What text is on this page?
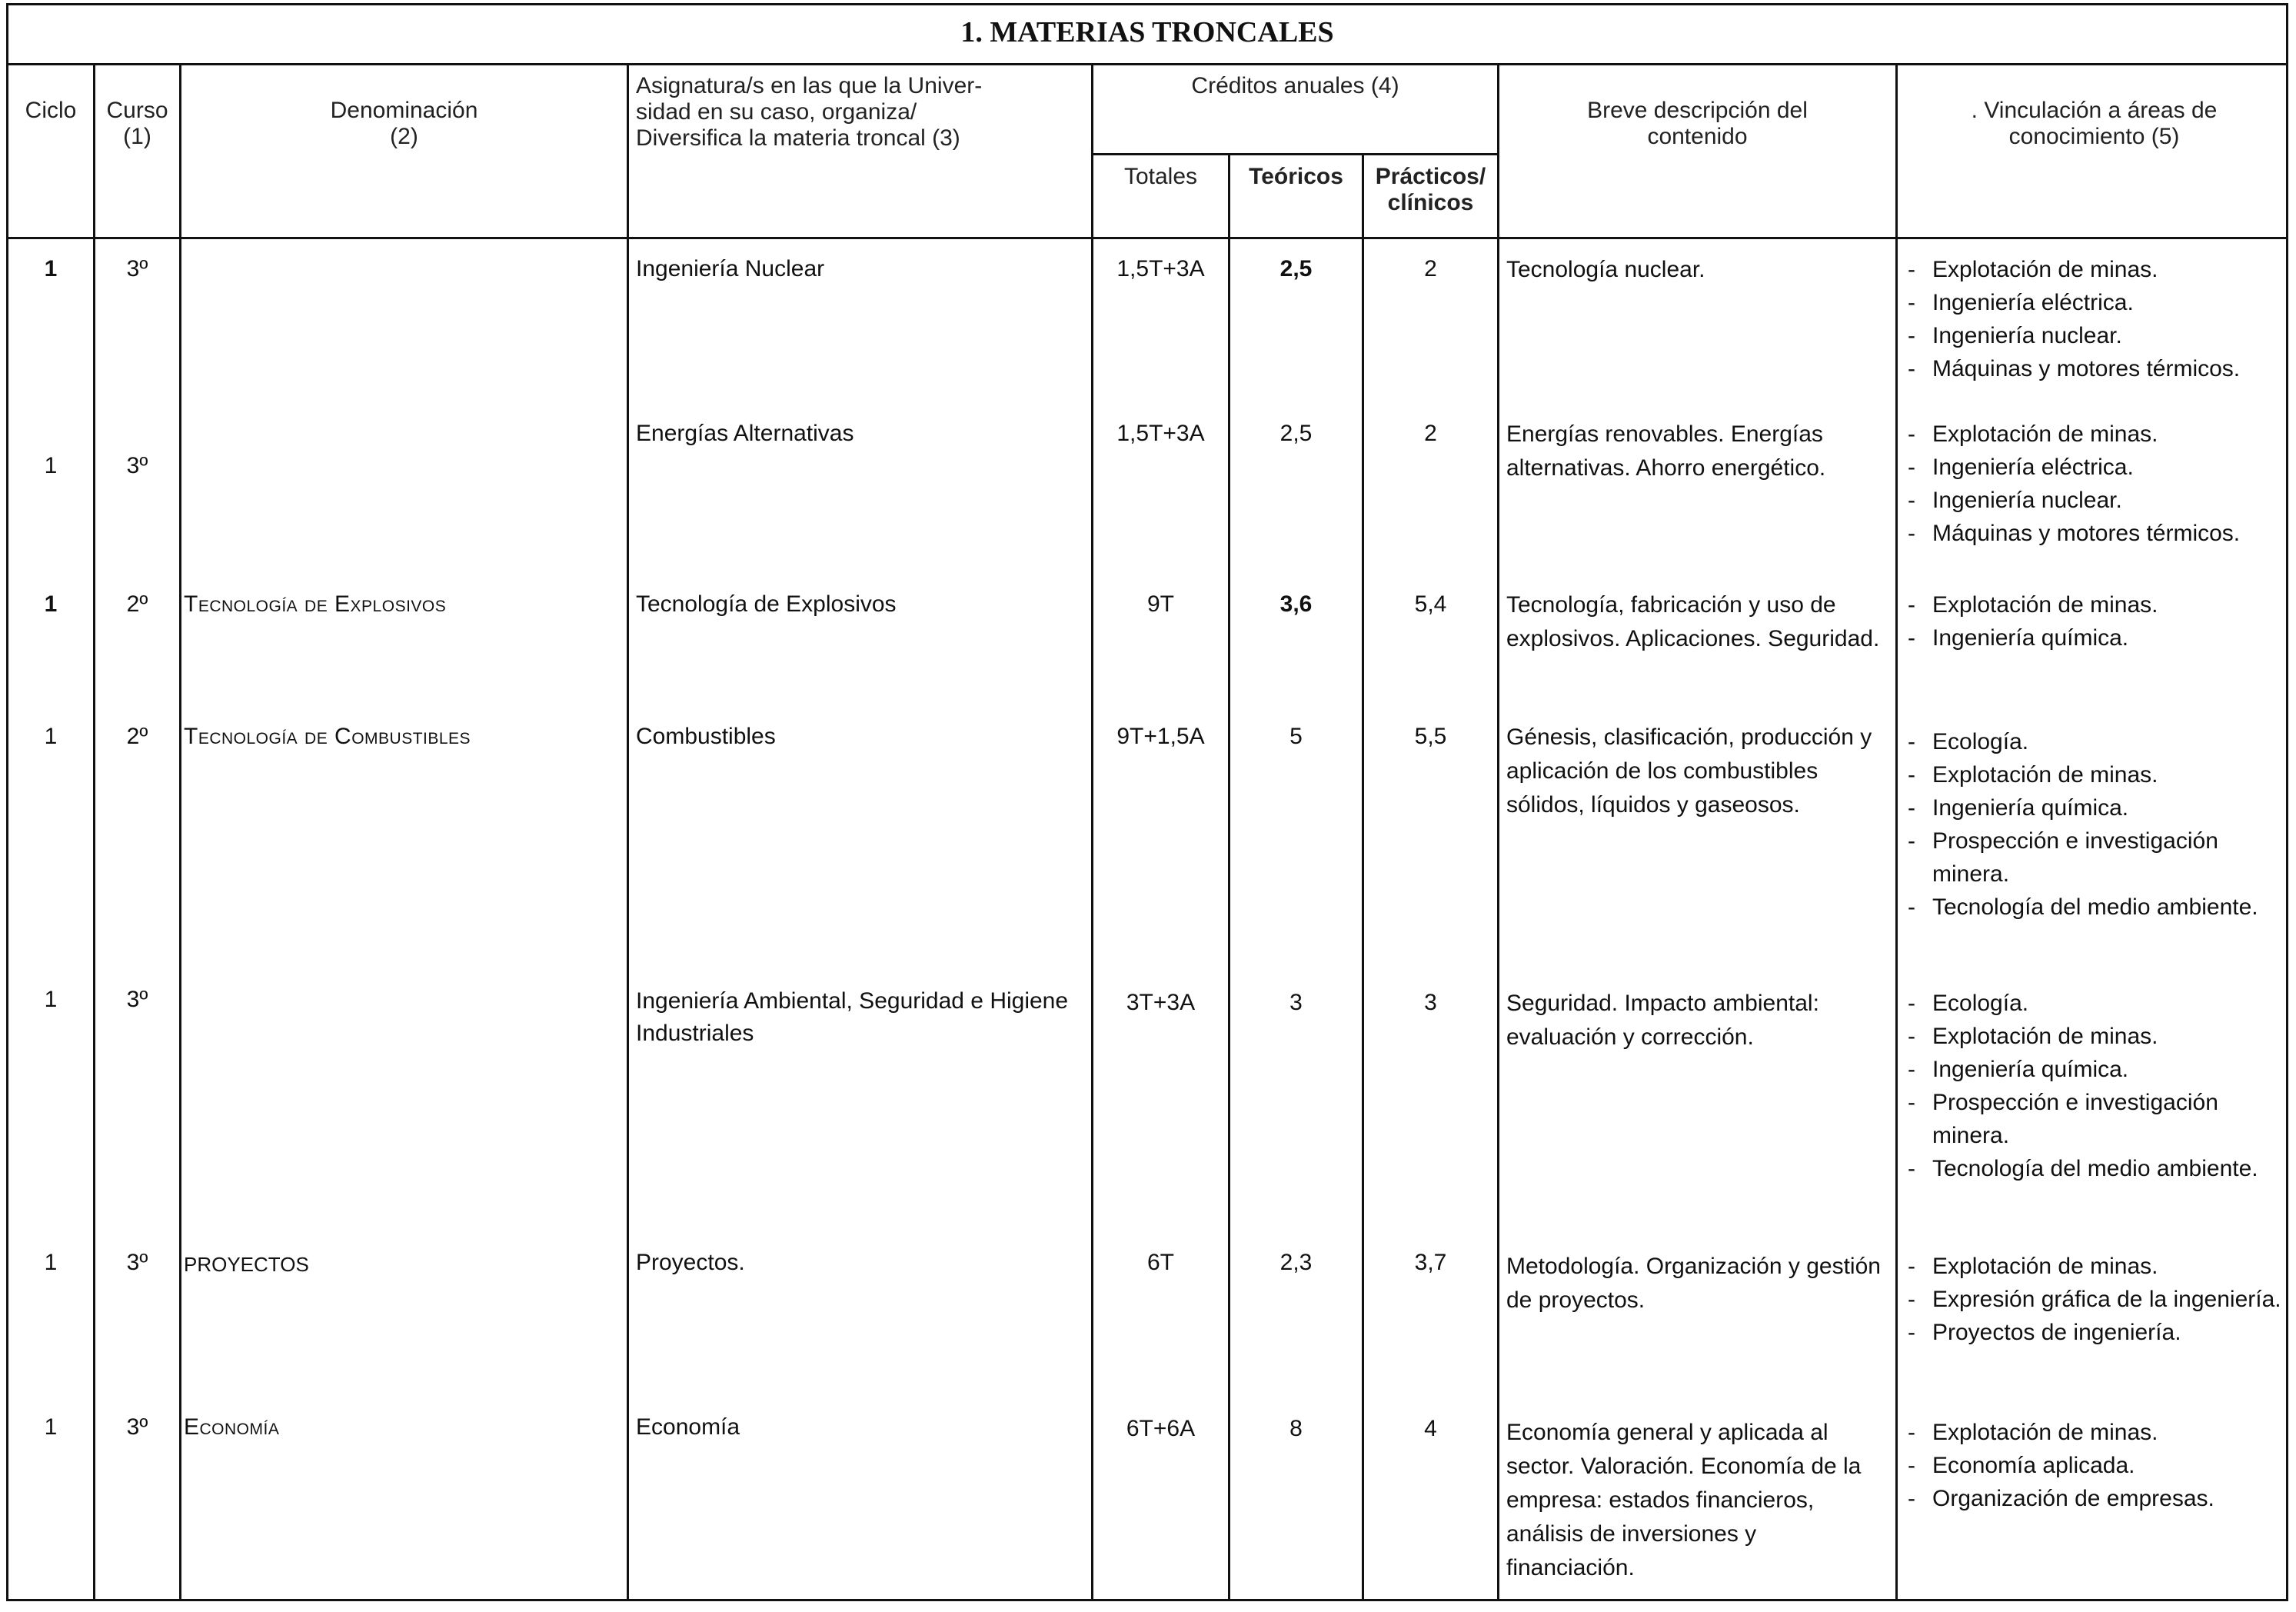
1. MATERIAS TRONCALES
Ciclo	Curso
(1)
Denominación
(2)
Asignatura/s en las que la Univer-
sidad en su caso, organiza/
Diversifica la materia troncal (3)
Créditos anuales (4)
Totales	Teóricos	Prácticos/
clínicos
Breve descripción del
contenido
. Vinculación a áreas de
conocimiento (5)
1	3º	Ingeniería Nuclear	1,5T+3A	2,5	2	Tecnología nuclear.
-	Explotación de minas.
- Ingeniería eléctrica.
- Ingeniería nuclear.
- Máquinas y motores térmicos.
1	3º
Energías Alternativas	1,5T+3A	2,5	2	Energías renovables. Energías alternativas. Ahorro energético.
- Explotación de minas.
- Ingeniería eléctrica.
- Ingeniería nuclear.
- Máquinas y motores térmicos.
1	2º	Tecnología de Explosivos	Tecnología de Explosivos	9T	3,6	5,4	Tecnología, fabricación y uso de explosivos. Aplicaciones. Seguridad.
- Explotación de minas.
- Ingeniería química.
1	2º	Tecnología de Combustibles	Combustibles	9T+1,5A	5	5,5	Génesis, clasificación, producción y aplicación de los combustibles sólidos, líquidos y gaseosos.
- Ecología.
- Explotación de minas.
- Ingeniería química.
- Prospección e investigación minera.
- Tecnología del medio ambiente.
1	3º	Ingeniería Ambiental, Seguridad e Higiene Industriales
3T+3A	3	3	Seguridad. Impacto ambiental: evaluación y corrección.
- Ecología.
- Explotación de minas.
- Ingeniería química.
- Prospección e investigación minera.
- Tecnología del medio ambiente.
1	3º	PROYECTOS	Proyectos.	6T	2,3	3,7	Metodología. Organización y gestión de proyectos.
- Explotación de minas.
- Expresión gráfica de la ingeniería.
- Proyectos de ingeniería.
1	3º	Economía	Economía	6T+6A	8	4	Economía general y aplicada al sector. Valoración. Economía de la empresa: estados financieros, análisis de inversiones y financiación.
- Explotación de minas.
- Economía aplicada.
- Organización de empresas.
